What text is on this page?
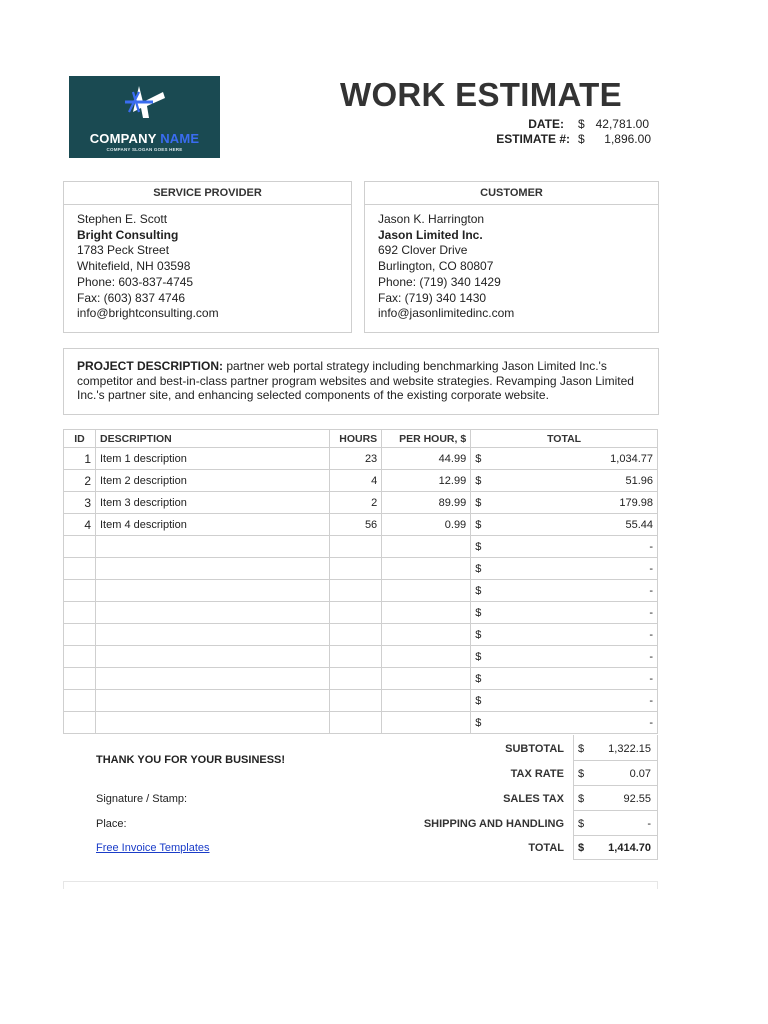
COMPANY NAME
COMPANY SLOGAN GOES HERE
WORK ESTIMATE
DATE: $ 42,781.00
ESTIMATE #: $	1,896.00
SERVICE PROVIDER
Stephen E. Scott
Bright Consulting
1783 Peck Street
Whitefield, NH 03598
Phone: 603-837-4745
Fax: (603) 837 4746
info@brightconsulting.com
CUSTOMER
Jason K. Harrington
Jason Limited Inc.
692 Clover Drive
Burlington, CO 80807
Phone: (719) 340 1429
Fax: (719) 340 1430
info@jasonlimitedinc.com
PROJECT DESCRIPTION: partner web portal strategy including benchmarking Jason Limited Inc.'s competitor and best-in-class partner program websites and website strategies. Revamping Jason Limited Inc.'s partner site, and enhancing selected components of the existing corporate website.
ID	DESCRIPTION	HOURS	PER HOUR, $	TOTAL	
1	Item 1 description	23	44.99	$	1,034.77
2	Item 2 description	4	12.99	$	51.96
3	Item 3 description	2	89.99	$	179.98
4	Item 4 description	56	0.99	$	55.44
				$	-
				$	-
				$	-
				$	-
				$	-
				$	-
				$	-
				$	-
				$	-
SUBTOTAL $	1,322.15
TAX RATE $	0.07
SALES TAX $	92.55
SHIPPING AND HANDLING $	-
TOTAL $	1,414.70
THANK YOU FOR YOUR BUSINESS!
Signature / Stamp:
Place:
Free Invoice Templates
